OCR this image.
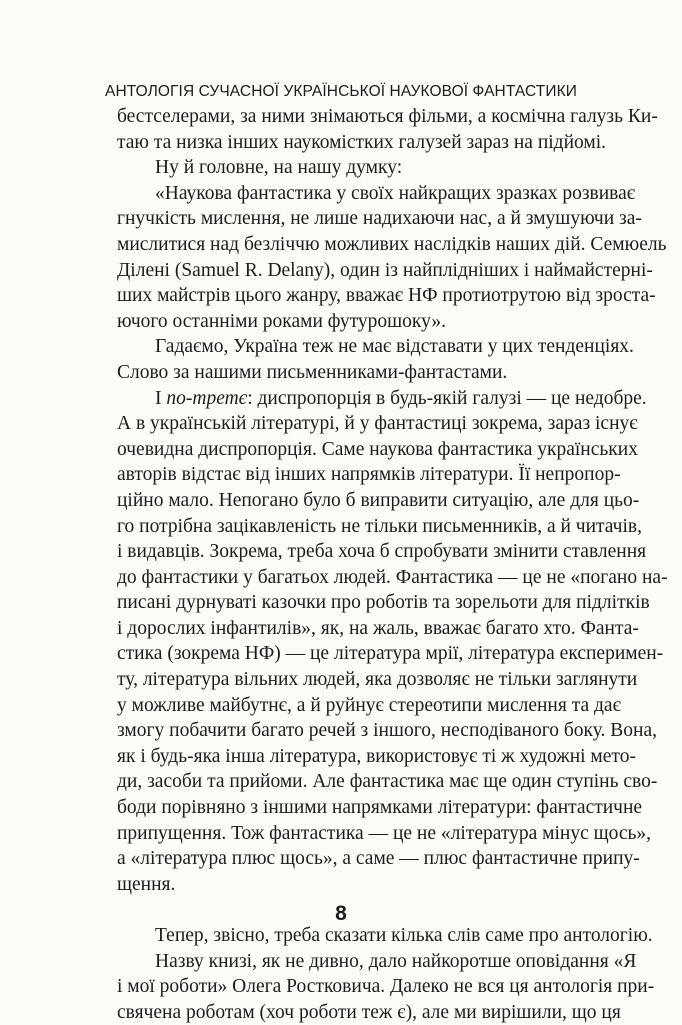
АНТОЛОГІЯ СУЧАСНОЇ УКРАЇНСЬКОЇ НАУКОВОЇ ФАНТАСТИКИ
бестселерами, за ними знімаються фільми, а космічна галузь Ки-
таю та низка інших наукомістких галузей зараз на підйомі.
Ну й головне, на нашу думку:
«Наукова фантастика у своїх найкращих зразках розвиває
гнучкість мислення, не лише надихаючи нас, а й змушуючи за-
мислитися над безліччю можливих наслідків наших дій. Семюель
Ділені (Samuel R. Delany), один із найплідніших і наймайстерні-
ших майстрів цього жанру, вважає НФ протиотрутою від зроста-
ючого останніми роками футурошоку».
Гадаємо, Україна теж не має відставати у цих тенденціях.
Слово за нашими письменниками-фантастами.
I по-третє: диспропорція в будь-якій галузі — це недобре.
А в українській літературі, й у фантастиці зокрема, зараз існує
очевидна диспропорція. Саме наукова фантастика українських
авторів відстає від інших напрямків літератури. Її непропор-
ційно мало. Непогано було б виправити ситуацію, але для цьо-
го потрібна зацікавленість не тільки письменників, а й читачів,
і видавців. Зокрема, треба хоча б спробувати змінити ставлення
до фантастики у багатьох людей. Фантастика — це не «погано на-
писані дурнуваті казочки про роботів та зорельоти для підлітків
і дорослих інфантилів», як, на жаль, вважає багато хто. Фанта-
стика (зокрема НФ) — це література мрії, література експеримен-
ту, література вільних людей, яка дозволяє не тільки заглянути
у можливе майбутнє, а й руйнує стереотипи мислення та дає
змогу побачити багато речей з іншого, несподіваного боку. Вона,
як і будь-яка інша література, використовує ті ж художні мето-
ди, засоби та прийоми. Але фантастика має ще один ступінь сво-
боди порівняно з іншими напрямками літератури: фантастичне
припущення. Тож фантастика — це не «література мінус щось»,
а «література плюс щось», а саме — плюс фантастичне припу-
щення.
Тепер, звісно, треба сказати кілька слів саме про антологію.
Назву книзі, як не дивно, дало найкоротше оповідання «Я
і мої роботи» Олега Ростковича. Далеко не вся ця антологія при-
свячена роботам (хоч роботи теж є), але ми вирішили, що ця
8
